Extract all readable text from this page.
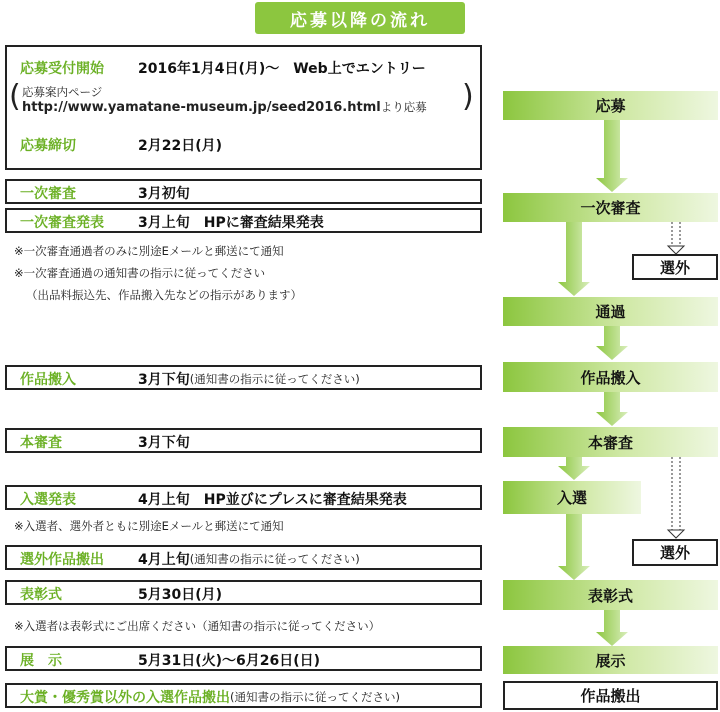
応募以降の流れ
応募受付開始	2016年1月4日(月)～　Web上でエントリー
( 応募案内ページ
http://www.yamatane-museum.jp/seed2016.htmlより応募 )
応募締切	2月22日(月)
一次審査	3月初旬
一次審査発表	3月上旬　HPに審査結果発表
※一次審査通過者のみに別途Eメールと郵送にて通知
※一次審査通過の通知書の指示に従ってください
（出品料振込先、作品搬入先などの指示があります）
作品搬入	3月下旬 (通知書の指示に従ってください)
本審査	3月下旬
入選発表	4月上旬　HP並びにプレスに審査結果発表
※入選者、選外者ともに別途Eメールと郵送にて通知
選外作品搬出	4月上旬 (通知書の指示に従ってください)
表彰式	5月30日(月)
※入選者は表彰式にご出席ください（通知書の指示に従ってください）
展　示	5月31日(火)～6月26日(日)
大賞・優秀賞以外の入選作品搬出 (通知書の指示に従ってください)
応募
一次審査
選外
通過
作品搬入
本審査
入選
選外
表彰式
展示
作品搬出
